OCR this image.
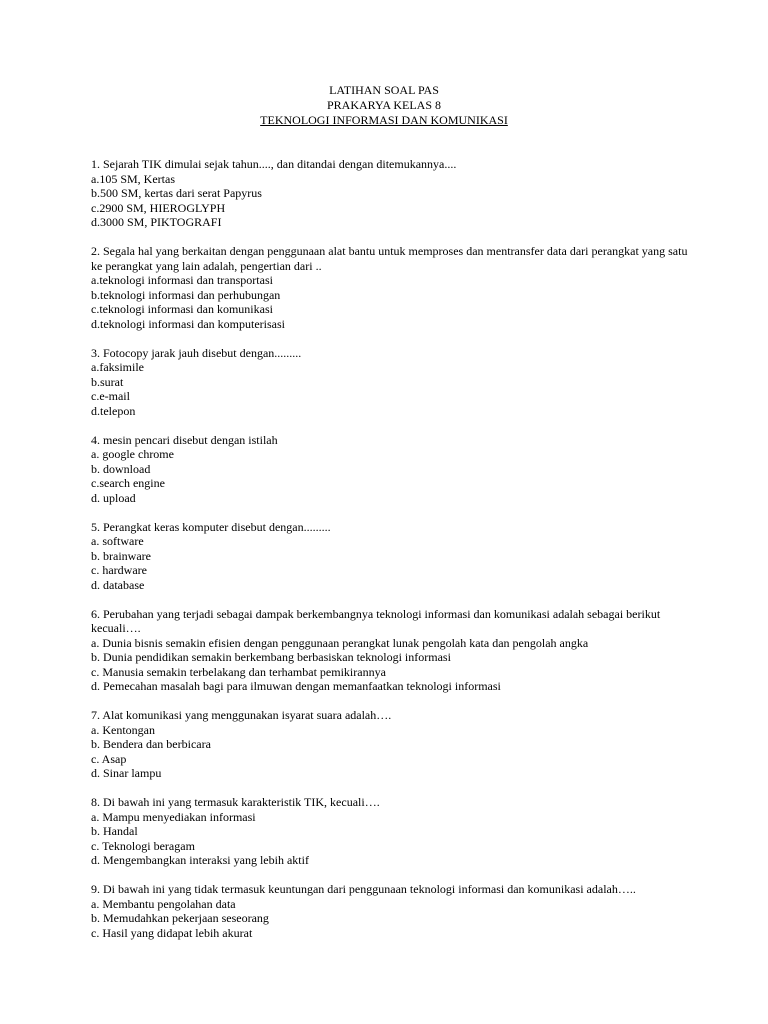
LATIHAN SOAL PAS
PRAKARYA KELAS 8
TEKNOLOGI INFORMASI DAN KOMUNIKASI
1. Sejarah TIK dimulai sejak tahun...., dan ditandai dengan ditemukannya....
a.105 SM, Kertas
b.500 SM, kertas dari serat Papyrus
c.2900 SM, HIEROGLYPH
d.3000 SM, PIKTOGRAFI
2. Segala hal yang berkaitan dengan penggunaan alat bantu untuk memproses dan mentransfer data dari perangkat yang satu ke perangkat yang lain adalah, pengertian dari ..
a.teknologi informasi dan transportasi
b.teknologi informasi dan perhubungan
c.teknologi informasi dan komunikasi
d.teknologi informasi dan komputerisasi
3. Fotocopy jarak jauh disebut dengan.........
a.faksimile
b.surat
c.e-mail
d.telepon
4. mesin pencari disebut dengan istilah
a. google chrome
b. download
c.search engine
d. upload
5. Perangkat keras komputer disebut dengan.........
a. software
b. brainware
c. hardware
d. database
6. Perubahan yang terjadi sebagai dampak berkembangnya teknologi informasi dan komunikasi adalah sebagai berikut kecuali….
a. Dunia bisnis semakin efisien dengan penggunaan perangkat lunak pengolah kata dan pengolah angka
b. Dunia pendidikan semakin berkembang berbasiskan teknologi informasi
c. Manusia semakin terbelakang dan terhambat pemikirannya
d. Pemecahan masalah bagi para ilmuwan dengan memanfaatkan teknologi informasi
7. Alat komunikasi yang menggunakan isyarat suara adalah….
a. Kentongan
b. Bendera dan berbicara
c. Asap
d. Sinar lampu
8. Di bawah ini yang termasuk karakteristik TIK, kecuali….
a. Mampu menyediakan informasi
b. Handal
c. Teknologi beragam
d. Mengembangkan interaksi yang lebih aktif
9. Di bawah ini yang tidak termasuk keuntungan dari penggunaan teknologi informasi dan komunikasi adalah…..
a. Membantu pengolahan data
b. Memudahkan pekerjaan seseorang
c. Hasil yang didapat lebih akurat
